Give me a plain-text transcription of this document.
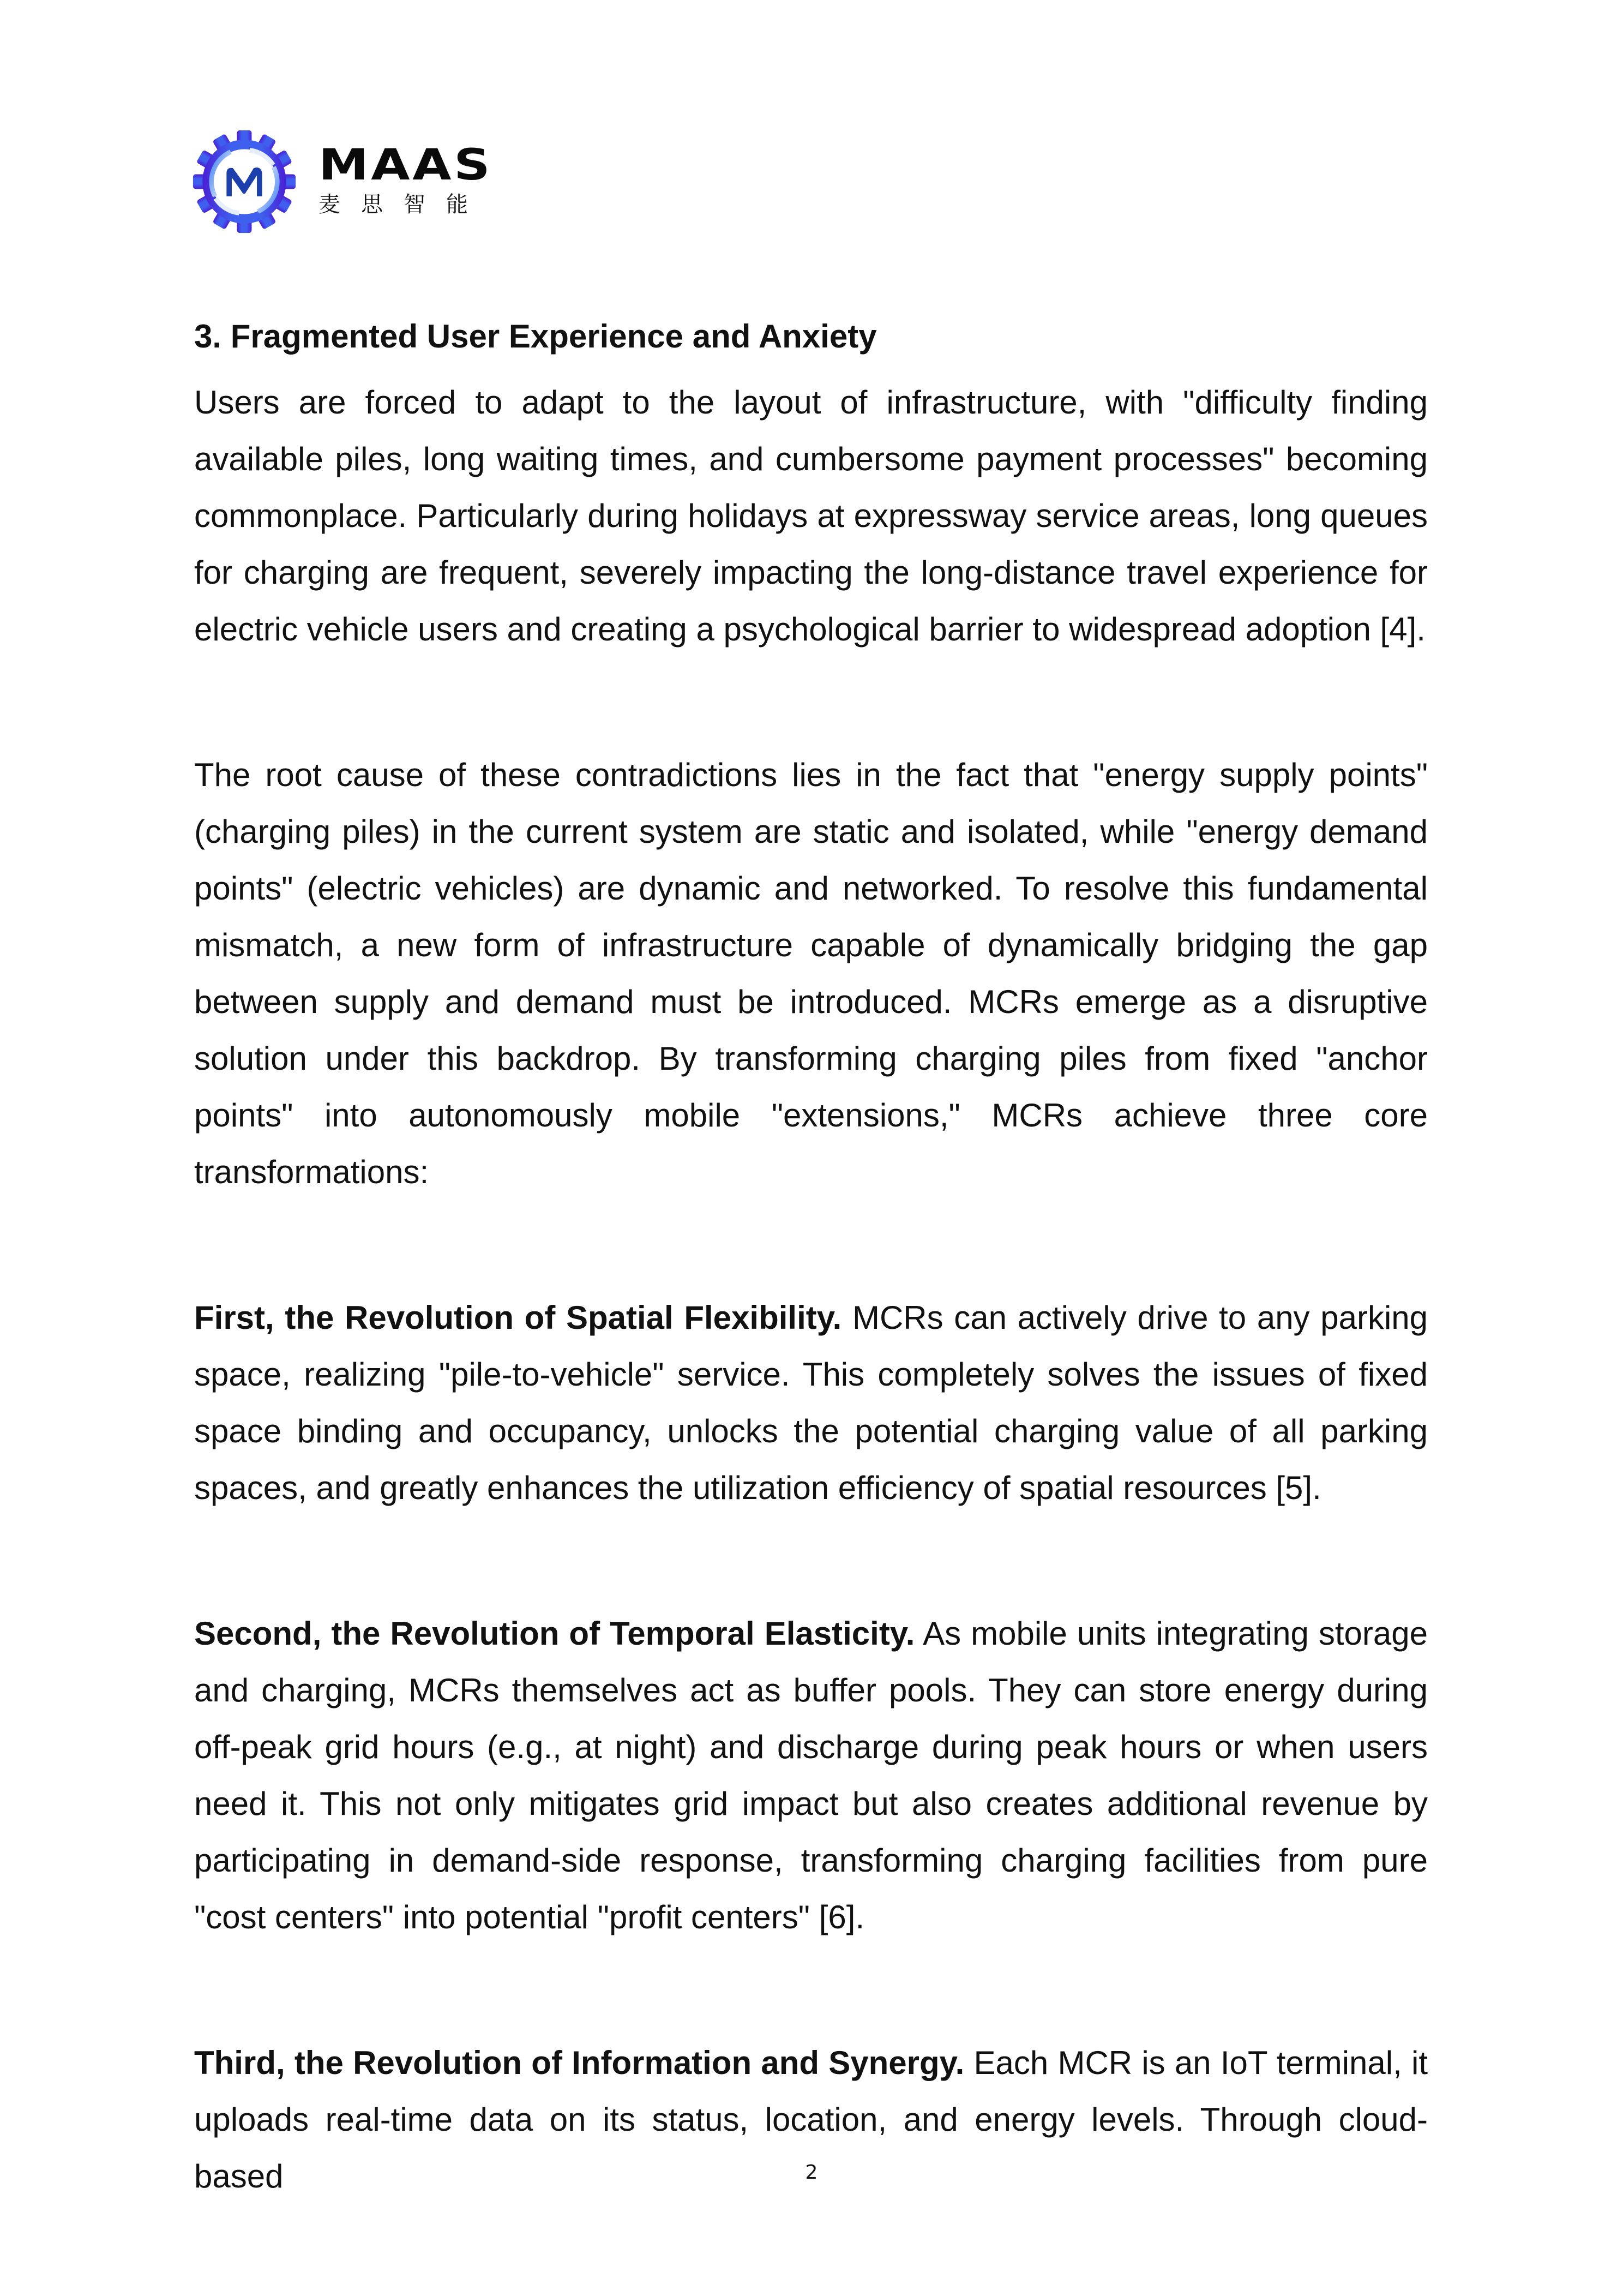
MAAS
麦思智能
3. Fragmented User Experience and Anxiety

Users are forced to adapt to the layout of infrastructure, with "difficulty finding available piles, long waiting times, and cumbersome payment processes" becoming commonplace. Particularly during holidays at expressway service areas, long queues for charging are frequent, severely impacting the long-distance travel experience for electric vehicle users and creating a psychological barrier to widespread adoption [4].

The root cause of these contradictions lies in the fact that "energy supply points" (charging piles) in the current system are static and isolated, while "energy demand points" (electric vehicles) are dynamic and networked. To resolve this fundamental mismatch, a new form of infrastructure capable of dynamically bridging the gap between supply and demand must be introduced. MCRs emerge as a disruptive solution under this backdrop. By transforming charging piles from fixed "anchor points" into autonomously mobile "extensions," MCRs achieve three core transformations:

First, the Revolution of Spatial Flexibility. MCRs can actively drive to any parking space, realizing "pile-to-vehicle" service. This completely solves the issues of fixed space binding and occupancy, unlocks the potential charging value of all parking spaces, and greatly enhances the utilization efficiency of spatial resources [5].

Second, the Revolution of Temporal Elasticity. As mobile units integrating storage and charging, MCRs themselves act as buffer pools. They can store energy during off-peak grid hours (e.g., at night) and discharge during peak hours or when users need it. This not only mitigates grid impact but also creates additional revenue by participating in demand-side response, transforming charging facilities from pure "cost centers" into potential "profit centers" [6].

Third, the Revolution of Information and Synergy. Each MCR is an IoT terminal, it uploads real-time data on its status, location, and energy levels. Through cloud-based	2
